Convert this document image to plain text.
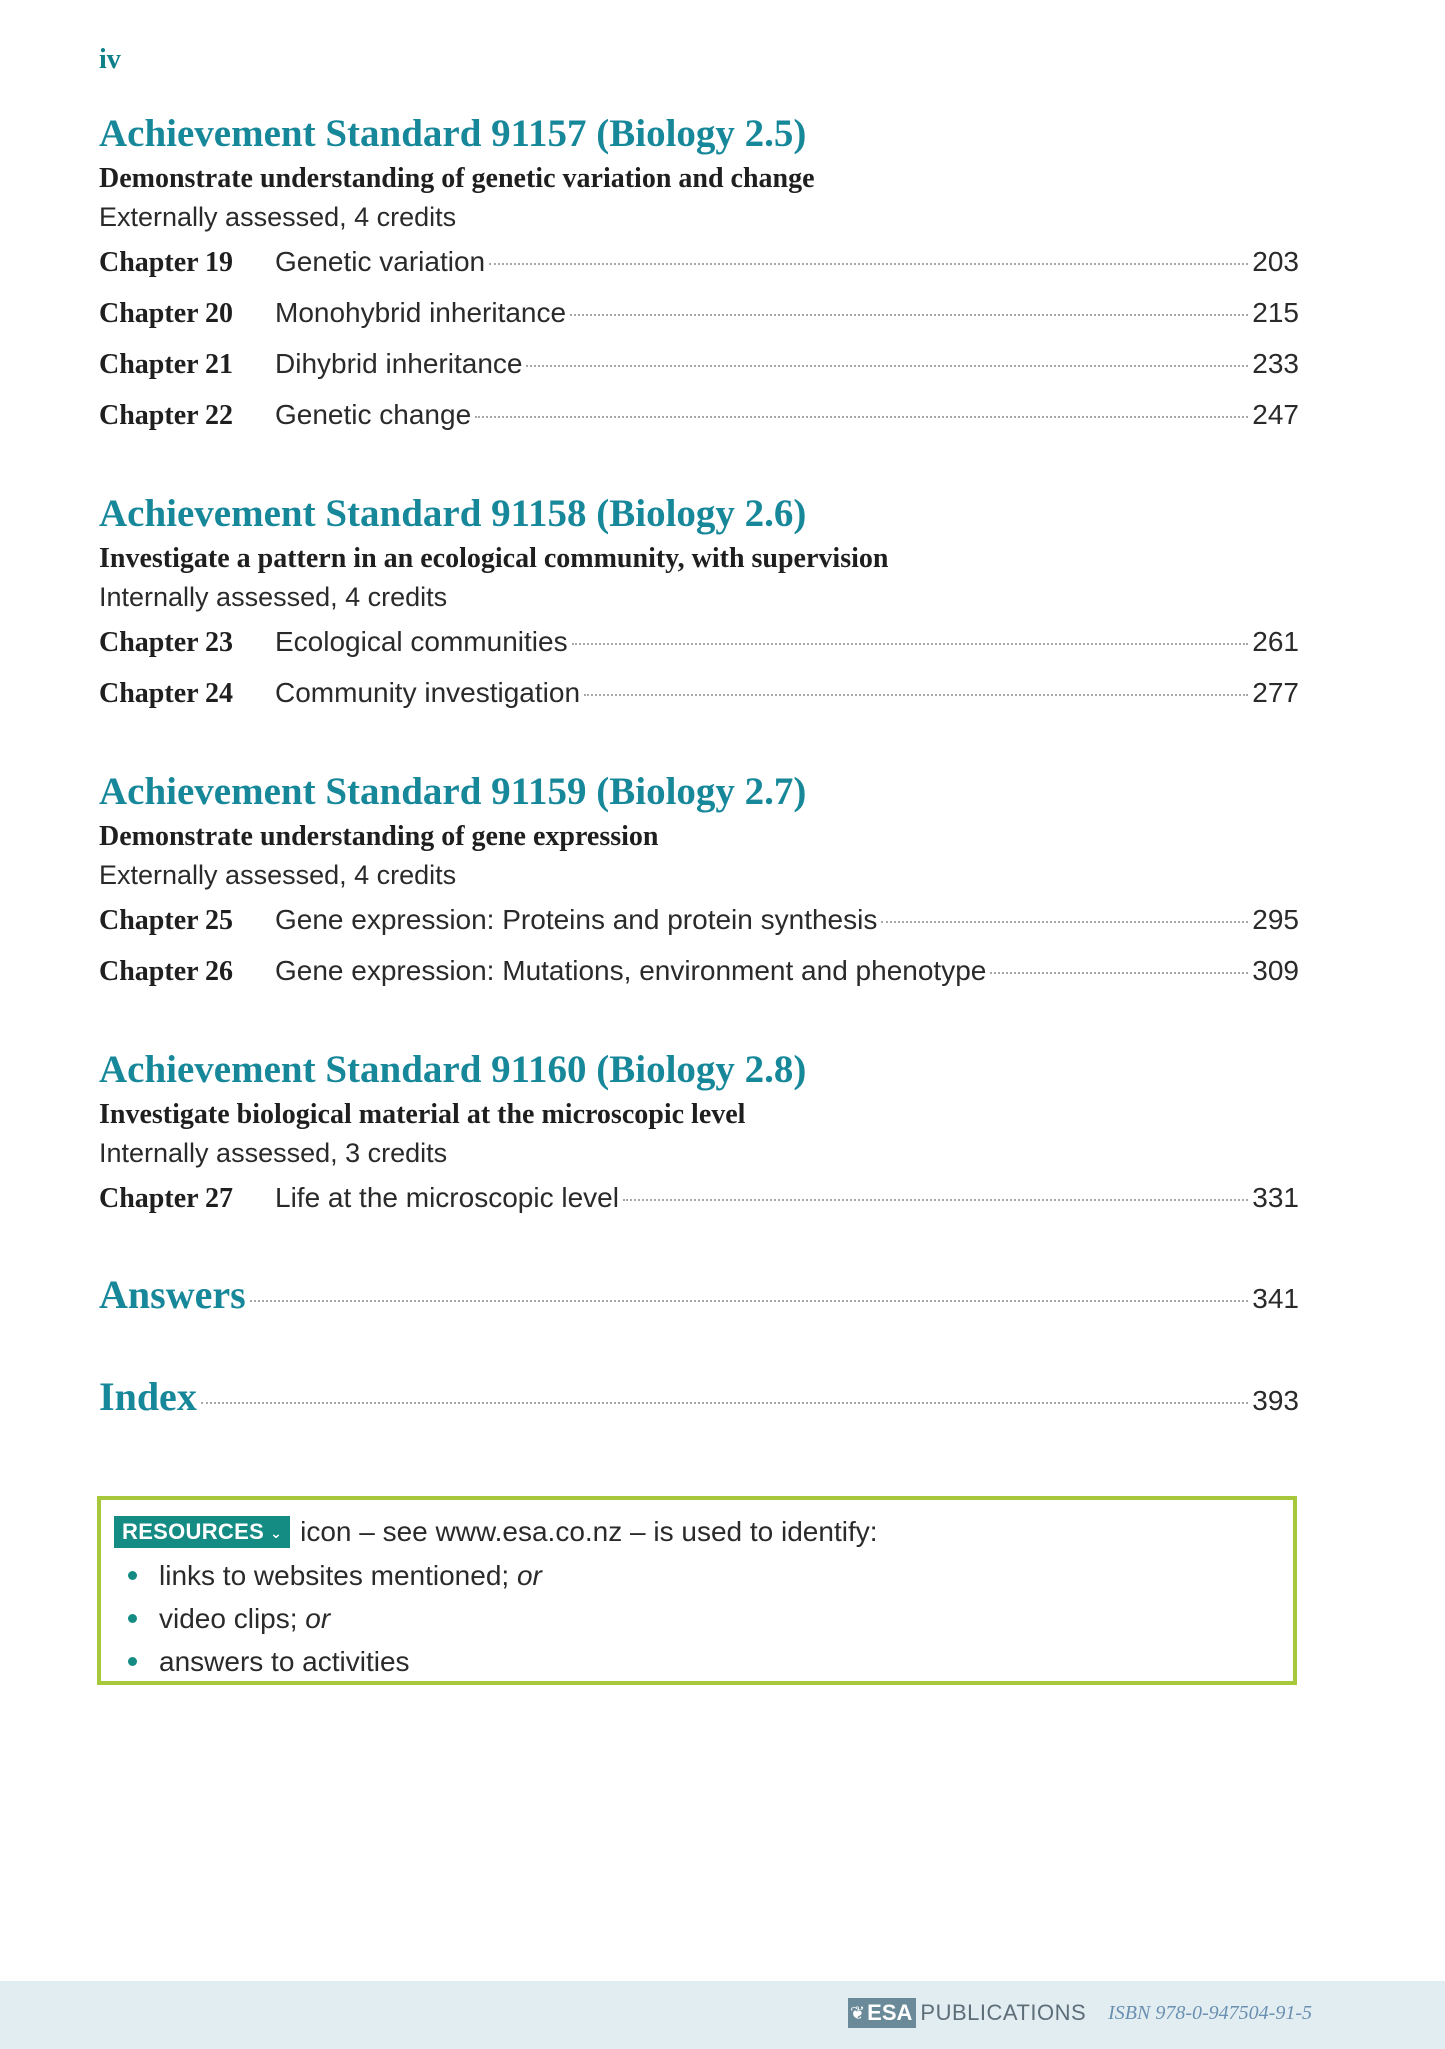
iv
Achievement Standard 91157 (Biology 2.5)
Demonstrate understanding of genetic variation and change
Externally assessed, 4 credits
Chapter 19	Genetic variation	203
Chapter 20	Monohybrid inheritance	215
Chapter 21	Dihybrid inheritance	233
Chapter 22	Genetic change	247
Achievement Standard 91158 (Biology 2.6)
Investigate a pattern in an ecological community, with supervision
Internally assessed, 4 credits
Chapter 23	Ecological communities	261
Chapter 24	Community investigation	277
Achievement Standard 91159 (Biology 2.7)
Demonstrate understanding of gene expression
Externally assessed, 4 credits
Chapter 25	Gene expression: Proteins and protein synthesis	295
Chapter 26	Gene expression: Mutations, environment and phenotype	309
Achievement Standard 91160 (Biology 2.8)
Investigate biological material at the microscopic level
Internally assessed, 3 credits
Chapter 27	Life at the microscopic level	331
Answers	341
Index	393
RESOURCES ⌄ icon – see www.esa.co.nz – is used to identify:
links to websites mentioned; or
video clips; or
answers to activities
❦ ESA PUBLICATIONS ISBN 978-0-947504-91-5
